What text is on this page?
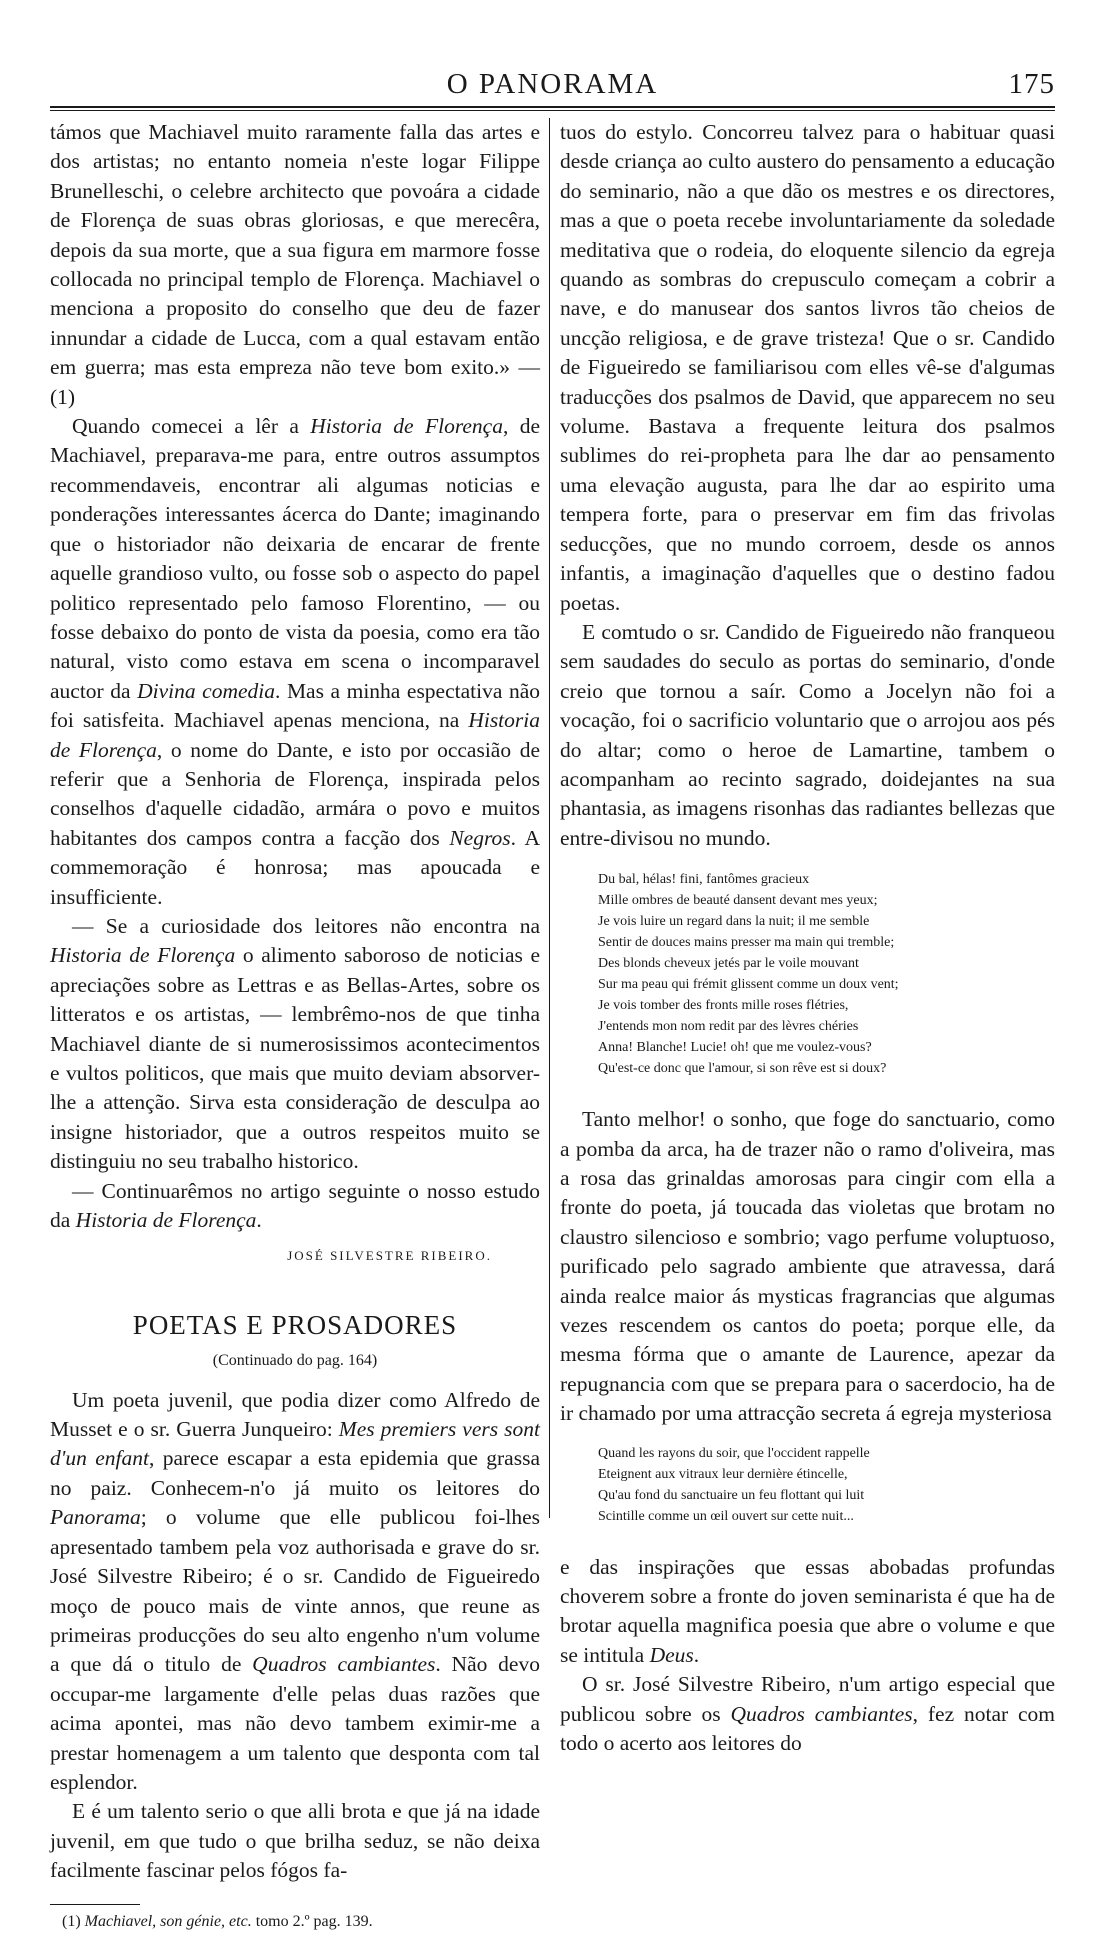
O PANORAMA	175

támos que Machiavel muito raramente falla das artes e dos artistas; no entanto nomeia n'este logar Filippe Brunelleschi, o celebre architecto que povoára a cidade de Florença de suas obras gloriosas, e que merecêra, depois da sua morte, que a sua figura em marmore fosse collocada no principal templo de Florença. Machiavel o menciona a proposito do conselho que deu de fazer innundar a cidade de Lucca, com a qual estavam então em guerra; mas esta empreza não teve bom exito.» — (1)

Quando comecei a lêr a Historia de Florença, de Machiavel, preparava-me para, entre outros assumptos recommendaveis, encontrar ali algumas noticias e ponderações interessantes ácerca do Dante; imaginando que o historiador não deixaria de encarar de frente aquelle grandioso vulto, ou fosse sob o aspecto do papel politico representado pelo famoso Florentino, — ou fosse debaixo do ponto de vista da poesia, como era tão natural, visto como estava em scena o incomparavel auctor da Divina comedia. Mas a minha espectativa não foi satisfeita. Machiavel apenas menciona, na Historia de Florença, o nome do Dante, e isto por occasião de referir que a Senhoria de Florença, inspirada pelos conselhos d'aquelle cidadão, armára o povo e muitos habitantes dos campos contra a facção dos Negros. A commemoração é honrosa; mas apoucada e insufficiente.

— Se a curiosidade dos leitores não encontra na Historia de Florença o alimento saboroso de noticias e apreciações sobre as Lettras e as Bellas-Artes, sobre os litteratos e os artistas, — lembrêmo-nos de que tinha Machiavel diante de si numerosissimos acontecimentos e vultos politicos, que mais que muito deviam absorver-lhe a attenção. Sirva esta consideração de desculpa ao insigne historiador, que a outros respeitos muito se distinguiu no seu trabalho historico.

— Continuarêmos no artigo seguinte o nosso estudo da Historia de Florença.

JOSÉ SILVESTRE RIBEIRO.
POETAS E PROSADORES
(Continuado do pag. 164)

Um poeta juvenil, que podia dizer como Alfredo de Musset e o sr. Guerra Junqueiro: Mes premiers vers sont d'un enfant, parece escapar a esta epidemia que grassa no paiz. Conhecem-n'o já muito os leitores do Panorama; o volume que elle publicou foi-lhes apresentado tambem pela voz authorisada e grave do sr. José Silvestre Ribeiro; é o sr. Candido de Figueiredo moço de pouco mais de vinte annos, que reune as primeiras producções do seu alto engenho n'um volume a que dá o titulo de Quadros cambiantes. Não devo occupar-me largamente d'elle pelas duas razões que acima apontei, mas não devo tambem eximir-me a prestar homenagem a um talento que desponta com tal esplendor.

E é um talento serio o que alli brota e que já na idade juvenil, em que tudo o que brilha seduz, se não deixa facilmente fascinar pelos fógos fa-

(1) Machiavel, son génie, etc. tomo 2.º pag. 139.

tuos do estylo. Concorreu talvez para o habituar quasi desde criança ao culto austero do pensamento a educação do seminario, não a que dão os mestres e os directores, mas a que o poeta recebe involuntariamente da soledade meditativa que o rodeia, do eloquente silencio da egreja quando as sombras do crepusculo começam a cobrir a nave, e do manusear dos santos livros tão cheios de uncção religiosa, e de grave tristeza! Que o sr. Candido de Figueiredo se familiarisou com elles vê-se d'algumas traducções dos psalmos de David, que apparecem no seu volume. Bastava a frequente leitura dos psalmos sublimes do rei-propheta para lhe dar ao pensamento uma elevação augusta, para lhe dar ao espirito uma tempera forte, para o preservar em fim das frivolas seducções, que no mundo corroem, desde os annos infantis, a imaginação d'aquelles que o destino fadou poetas.

E comtudo o sr. Candido de Figueiredo não franqueou sem saudades do seculo as portas do seminario, d'onde creio que tornou a saír. Como a Jocelyn não foi a vocação, foi o sacrificio voluntario que o arrojou aos pés do altar; como o heroe de Lamartine, tambem o acompanham ao recinto sagrado, doidejantes na sua phantasia, as imagens risonhas das radiantes bellezas que entre-divisou no mundo.

Du bal, hélas! fini, fantômes gracieux
Mille ombres de beauté dansent devant mes yeux;
Je vois luire un regard dans la nuit; il me semble
Sentir de douces mains presser ma main qui tremble;
Des blonds cheveux jetés par le voile mouvant
Sur ma peau qui frémit glissent comme un doux vent;
Je vois tomber des fronts mille roses flétries,
J'entends mon nom redit par des lèvres chéries
Anna! Blanche! Lucie! oh! que me voulez-vous?
Qu'est-ce donc que l'amour, si son rêve est si doux?

Tanto melhor! o sonho, que foge do sanctuario, como a pomba da arca, ha de trazer não o ramo d'oliveira, mas a rosa das grinaldas amorosas para cingir com ella a fronte do poeta, já toucada das violetas que brotam no claustro silencioso e sombrio; vago perfume voluptuoso, purificado pelo sagrado ambiente que atravessa, dará ainda realce maior ás mysticas fragrancias que algumas vezes rescendem os cantos do poeta; porque elle, da mesma fórma que o amante de Laurence, apezar da repugnancia com que se prepara para o sacerdocio, ha de ir chamado por uma attracção secreta á egreja mysteriosa

Quand les rayons du soir, que l'occident rappelle
Eteignent aux vitraux leur dernière étincelle,
Qu'au fond du sanctuaire un feu flottant qui luit
Scintille comme un œil ouvert sur cette nuit...

e das inspirações que essas abobadas profundas choverem sobre a fronte do joven seminarista é que ha de brotar aquella magnifica poesia que abre o volume e que se intitula Deus.

O sr. José Silvestre Ribeiro, n'um artigo especial que publicou sobre os Quadros cambiantes, fez notar com todo o acerto aos leitores do
